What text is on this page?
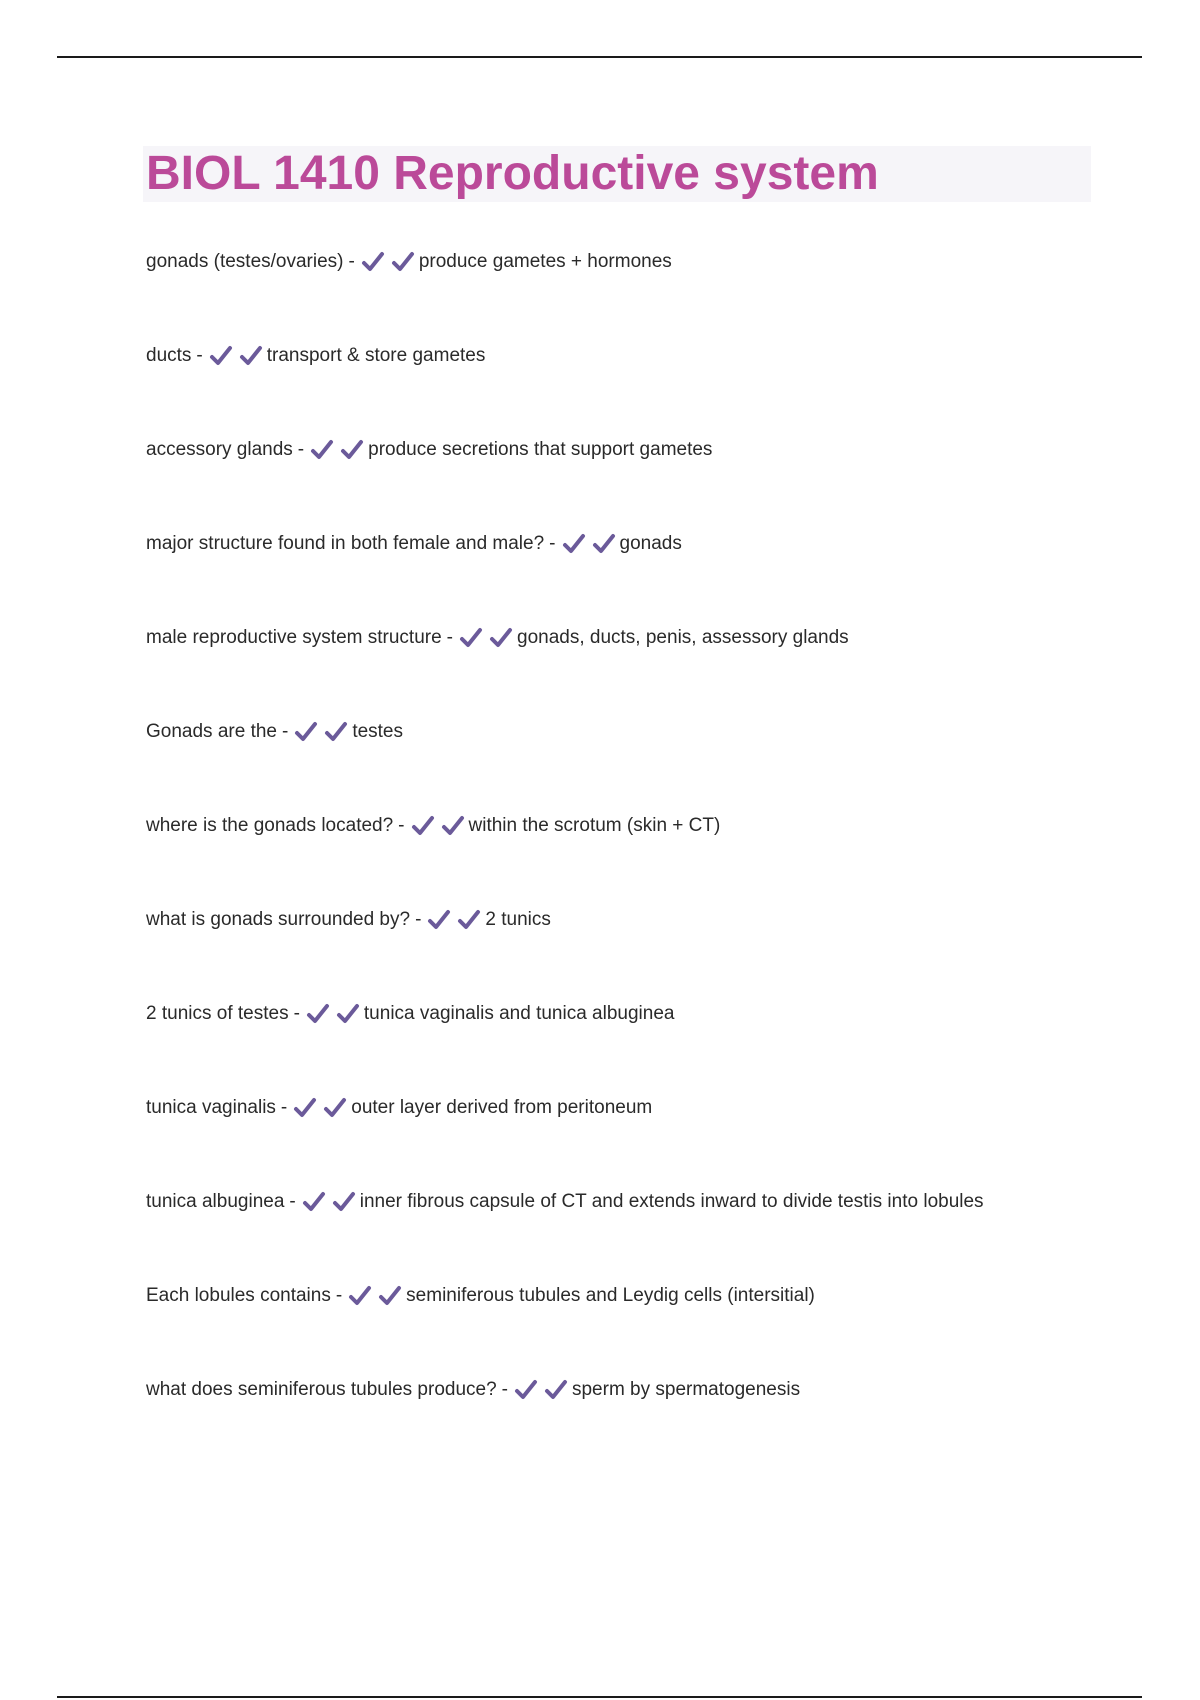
BIOL 1410 Reproductive system
gonads (testes/ovaries) -	produce gametes + hormones
ducts -	transport & store gametes
accessory glands -	produce secretions that support gametes
major structure found in both female and male? -	gonads
male reproductive system structure -	gonads, ducts, penis, assessory glands
Gonads are the -	testes
where is the gonads located? -	within the scrotum (skin + CT)
what is gonads surrounded by? -	2 tunics
2 tunics of testes -	tunica vaginalis and tunica albuginea
tunica vaginalis -	outer layer derived from peritoneum
tunica albuginea -	inner fibrous capsule of CT and extends inward to divide testis into lobules
Each lobules contains -	seminiferous tubules and Leydig cells (intersitial)
what does seminiferous tubules produce? -	sperm by spermatogenesis
